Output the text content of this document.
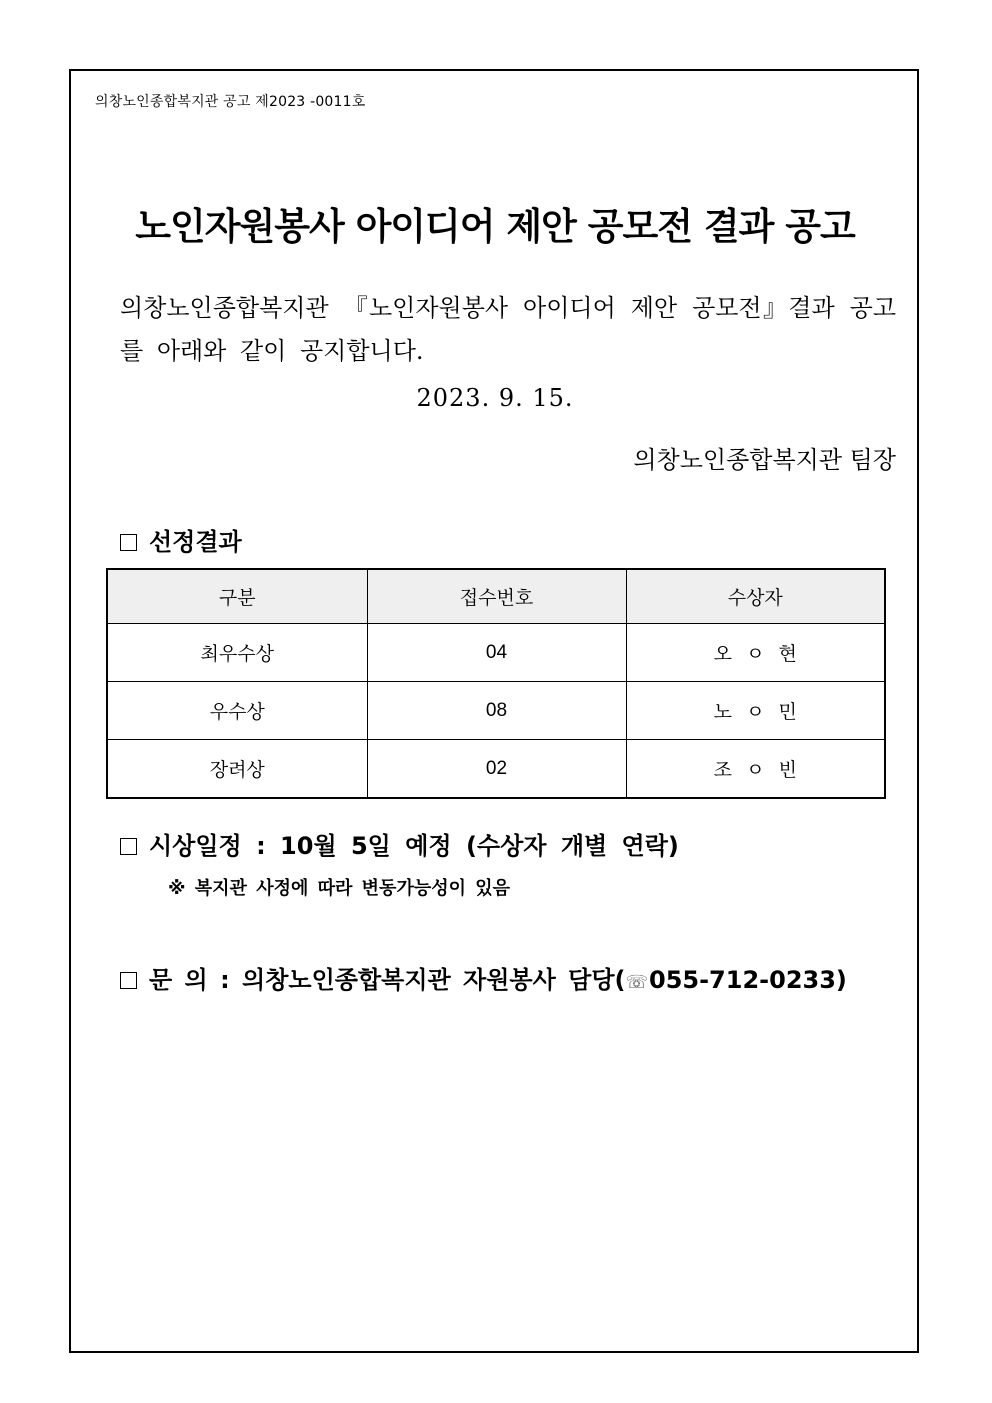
의창노인종합복지관 공고 제2023 -0011호
노인자원봉사 아이디어 제안 공모전 결과 공고
의창노인종합복지관 『노인자원봉사 아이디어 제안 공모전』결과 공고를 아래와 같이 공지합니다.
2023. 9. 15.
의창노인종합복지관 팀장
선정결과
구분	접수번호	수상자
최우수상	04	오 ㅇ 현
우수상	08	노 ㅇ 민
장려상	02	조 ㅇ 빈
시상일정 : 10월 5일 예정 (수상자 개별 연락)
※ 복지관 사정에 따라 변동가능성이 있음
문 의 : 의창노인종합복지관 자원봉사 담당(☏055-712-0233)
